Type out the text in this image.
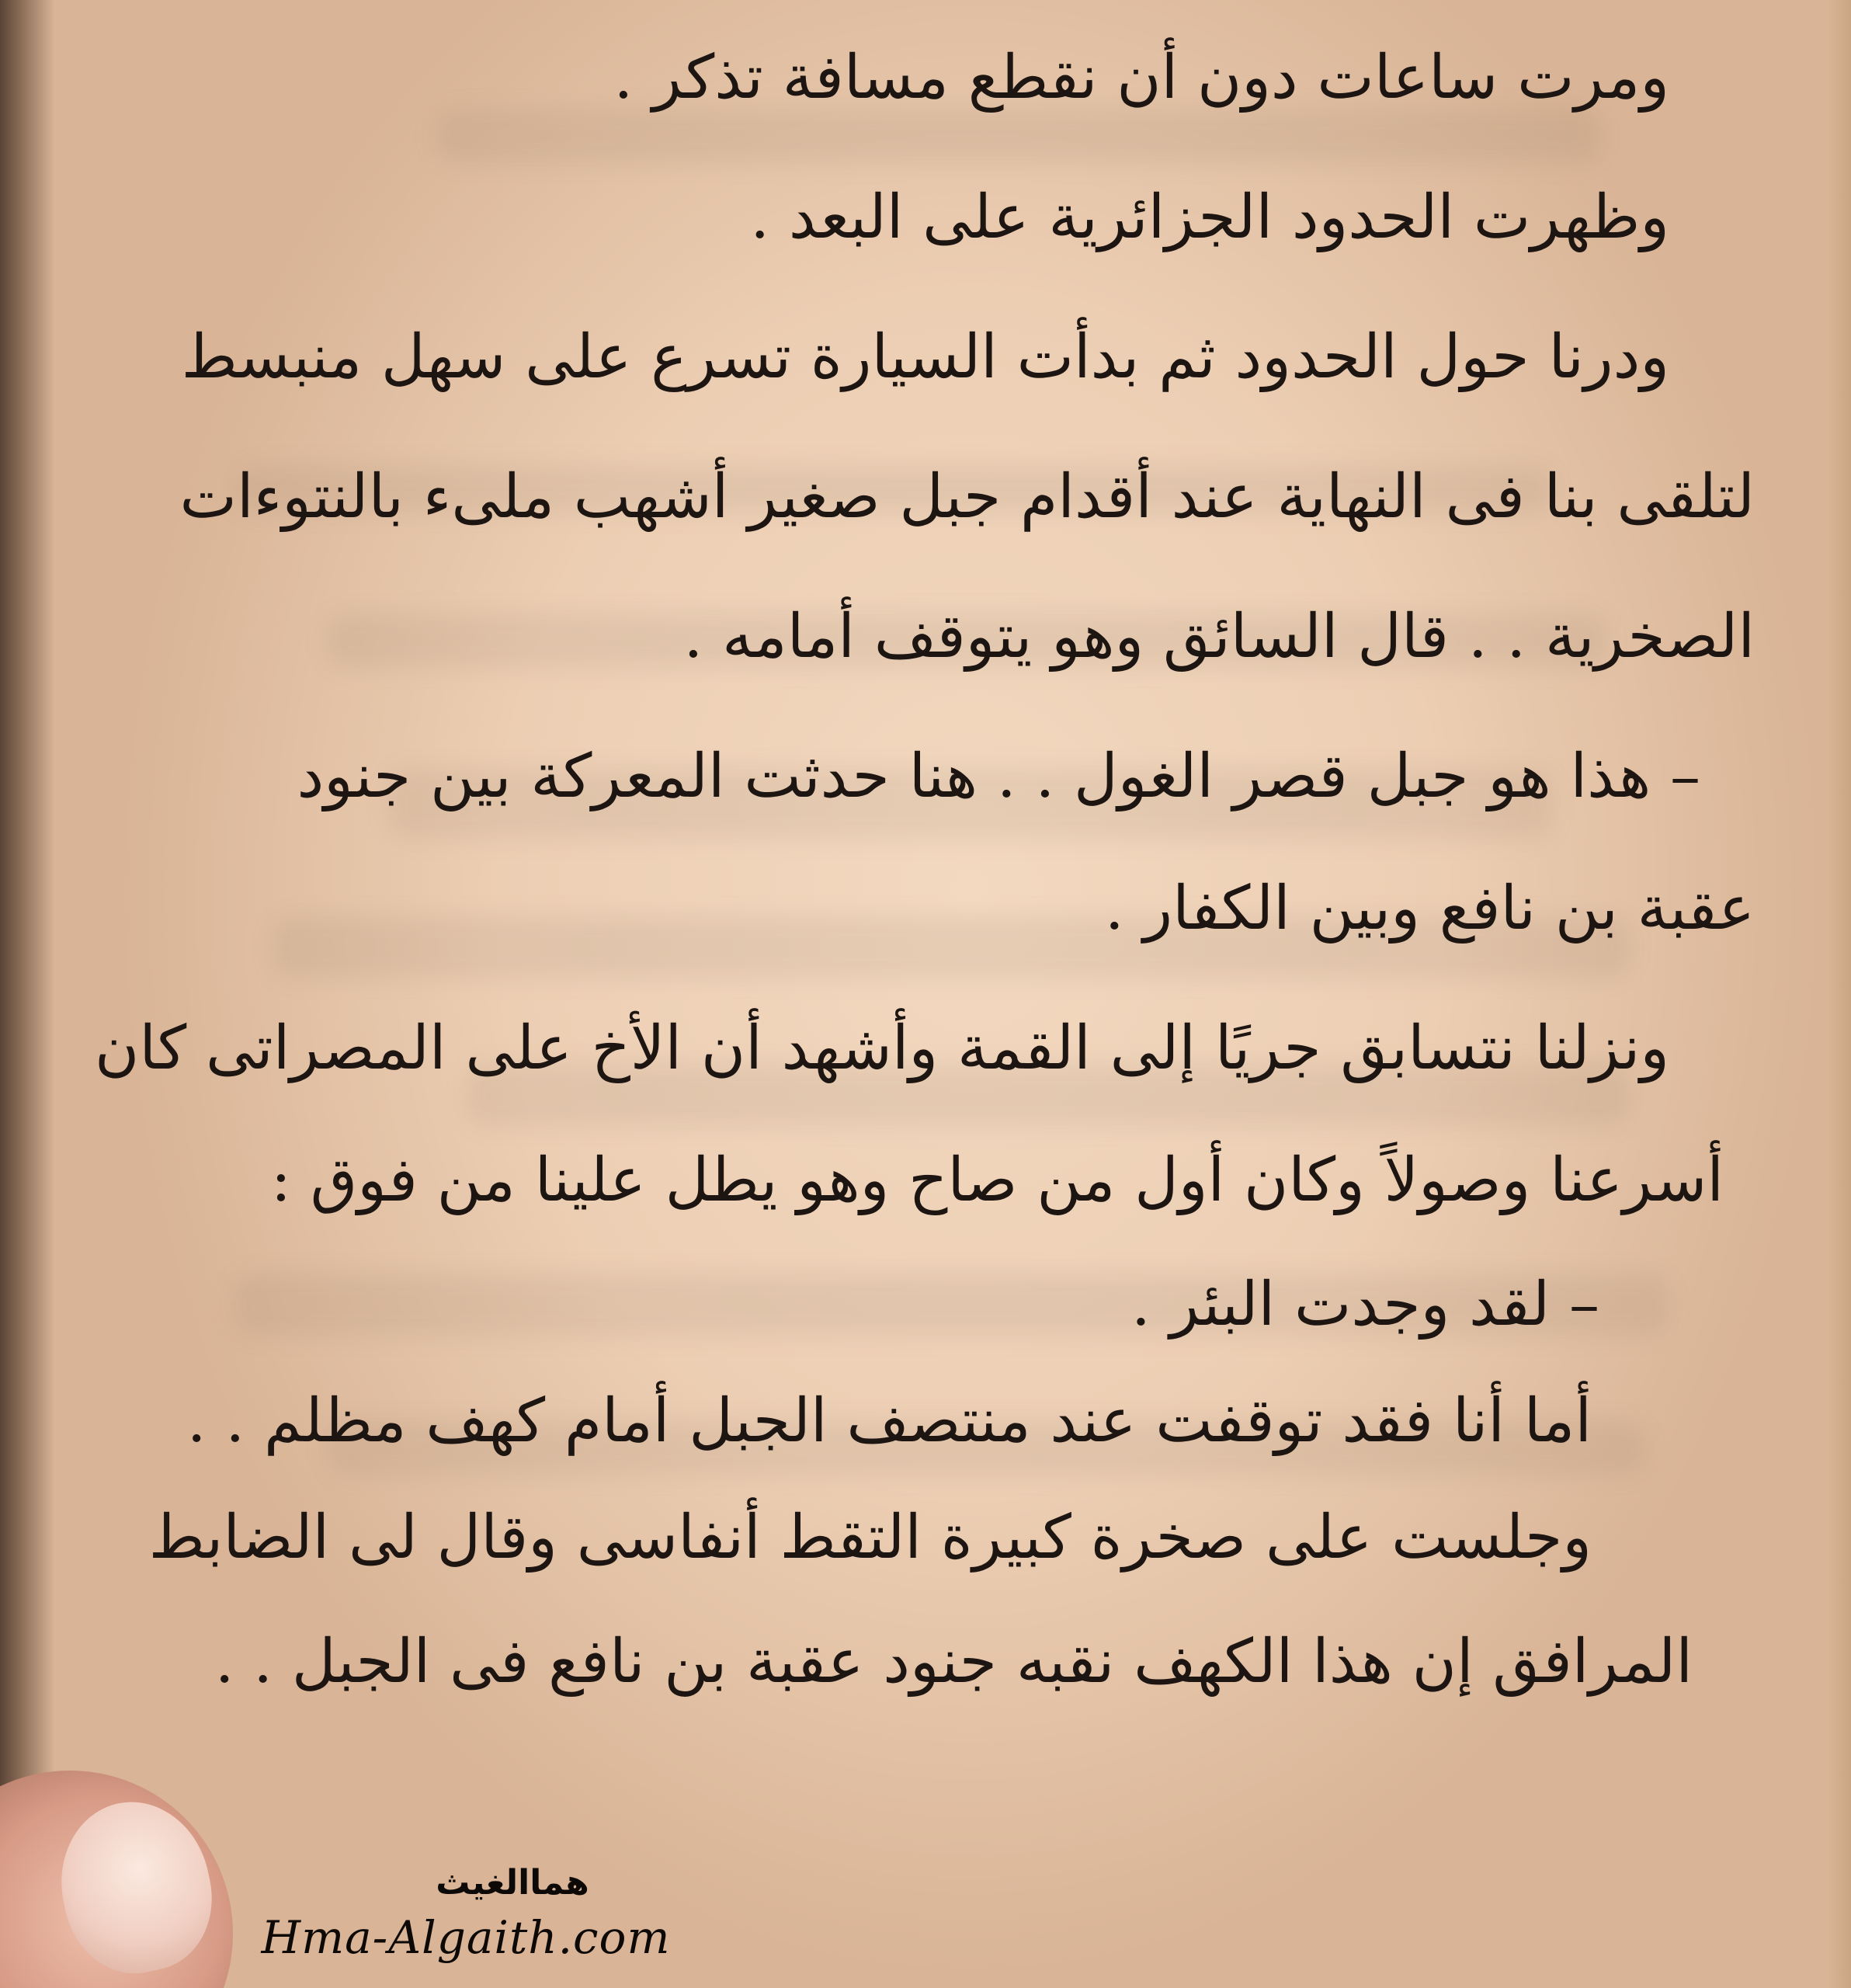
ومرت ساعات دون أن نقطع مسافة تذكر .
وظهرت الحدود الجزائرية على البعد .
ودرنا حول الحدود ثم بدأت السيارة تسرع على سهل منبسط
لتلقى بنا فى النهاية عند أقدام جبل صغير أشهب ملىء بالنتوءات
الصخرية . . قال السائق وهو يتوقف أمامه .
– هذا هو جبل قصر الغول . . هنا حدثت المعركة بين جنود
عقبة بن نافع وبين الكفار .
ونزلنا نتسابق جريًا إلى القمة وأشهد أن الأخ على المصراتى كان
أسرعنا وصولاً وكان أول من صاح وهو يطل علينا من فوق :
– لقد وجدت البئر .
أما أنا فقد توقفت عند منتصف الجبل أمام كهف مظلم . .
وجلست على صخرة كبيرة التقط أنفاسى وقال لى الضابط
المرافق إن هذا الكهف نقبه جنود عقبة بن نافع فى الجبل . .
هماالغيث
Hma-Algaith.com
